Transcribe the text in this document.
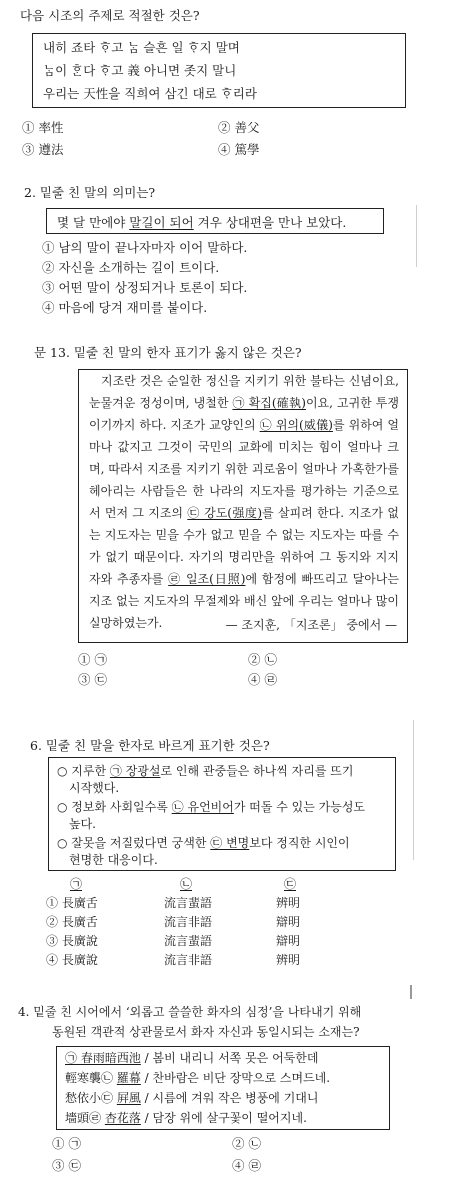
다음 시조의 주제로 적절한 것은?
내히 죠타 ᄒᆞ고 ᄂᆞᆷ 슬흔 일 ᄒᆞ지 말며
ᄂᆞᆷ이 ᄒᆞᆫ다 ᄒᆞ고 義 아니면 좃지 말니
우리는 天性을 직희여 삼긴 대로 ᄒᆞ리라
① 率性	② 善父
③ 遵法	④ 篤學
2. 밑줄 친 말의 의미는?
몇 달 만에야 말길이 되어 겨우 상대편을 만나 보았다.
① 남의 말이 끝나자마자 이어 말하다.
② 자신을 소개하는 길이 트이다.
③ 어떤 말이 상정되거나 토론이 되다.
④ 마음에 당겨 재미를 붙이다.
문 13. 밑줄 친 말의 한자 표기가 옳지 않은 것은?
지조란 것은 순일한 정신을 지키기 위한 불타는 신념이요, 눈물겨운 정성이며, 냉철한 ㉠ 확집(確執)이요, 고귀한 투쟁이기까지 하다. 지조가 교양인의 ㉡ 위의(威儀)를 위하여 얼마나 값지고 그것이 국민의 교화에 미치는 힘이 얼마나 크며, 따라서 지조를 지키기 위한 괴로움이 얼마나 가혹한가를 헤아리는 사람들은 한 나라의 지도자를 평가하는 기준으로서 먼저 그 지조의 ㉢ 강도(强度)를 살피려 한다. 지조가 없는 지도자는 믿을 수가 없고 믿을 수 없는 지도자는 따를 수가 없기 때문이다. 자기의 명리만을 위하여 그 동지와 지지자와 추종자를 ㉣ 일조(日照)에 함정에 빠뜨리고 달아나는 지조 없는 지도자의 무절제와 배신 앞에 우리는 얼마나 많이 실망하였는가.	— 조지훈, 「지조론」 중에서 —
① ㉠	② ㉡
③ ㉢	④ ㉣
6. 밑줄 친 말을 한자로 바르게 표기한 것은?
○ 지루한 ㉠ 장광설로 인해 관중들은 하나씩 자리를 뜨기
시작했다.
○ 정보화 사회일수록 ㉡ 유언비어가 떠돌 수 있는 가능성도
높다.
○ 잘못을 저질렀다면 궁색한 ㉢ 변명보다 정직한 시인이
현명한 대응이다.
㉠	㉡	㉢
① 長廣舌	流言蜚語	辨明
② 長廣舌	流言非語	辯明
③ 長廣說	流言蜚語	辯明
④ 長廣說	流言非語	辨明
4. 밑줄 친 시어에서 ‘외롭고 쓸쓸한 화자의 심정’을 나타내기 위해
동원된 객관적 상관물로서 화자 자신과 동일시되는 소재는?
㉠ 春雨暗西池 / 봄비 내리니 서쪽 못은 어둑한데
輕寒襲㉡ 羅幕 / 찬바람은 비단 장막으로 스며드네.
愁依小㉢ 屛風 / 시름에 겨워 작은 병풍에 기대니
墻頭㉣ 杏花落 / 담장 위에 살구꽃이 떨어지네.
① ㉠	② ㉡
③ ㉢	④ ㉣
